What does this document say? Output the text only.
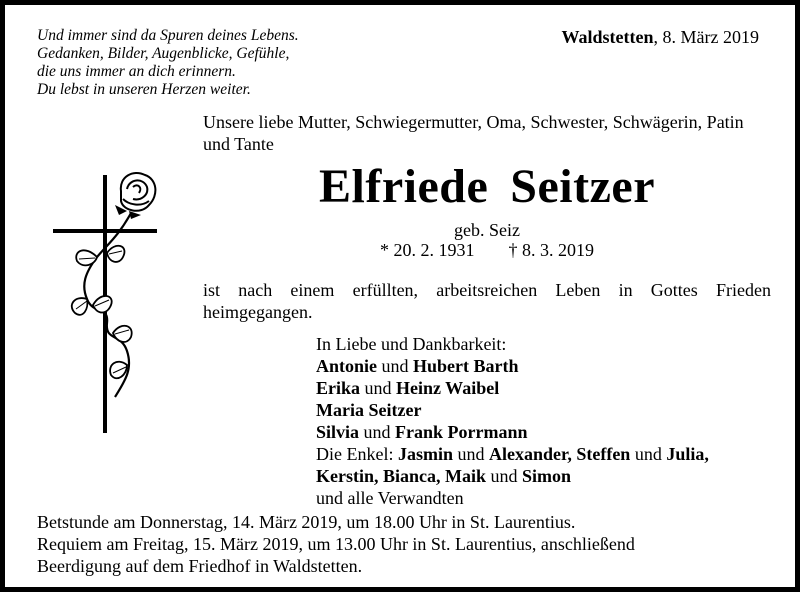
Und immer sind da Spuren deines Lebens.
Gedanken, Bilder, Augenblicke, Gefühle,
die uns immer an dich erinnern.
Du lebst in unseren Herzen weiter.
Waldstetten, 8. März 2019
Unsere liebe Mutter, Schwiegermutter, Oma, Schwester, Schwägerin, Patin und Tante
Elfriede Seitzer
geb. Seiz
* 20. 2. 1931 † 8. 3. 2019
ist nach einem erfüllten, arbeitsreichen Leben in Gottes Frieden heimgegangen.
In Liebe und Dankbarkeit:
Antonie und Hubert Barth
Erika und Heinz Waibel
Maria Seitzer
Silvia und Frank Porrmann
Die Enkel: Jasmin und Alexander, Steffen und Julia,
Kerstin, Bianca, Maik und Simon
und alle Verwandten
Betstunde am Donnerstag, 14. März 2019, um 18.00 Uhr in St. Laurentius.
Requiem am Freitag, 15. März 2019, um 13.00 Uhr in St. Laurentius, anschließend
Beerdigung auf dem Friedhof in Waldstetten.
